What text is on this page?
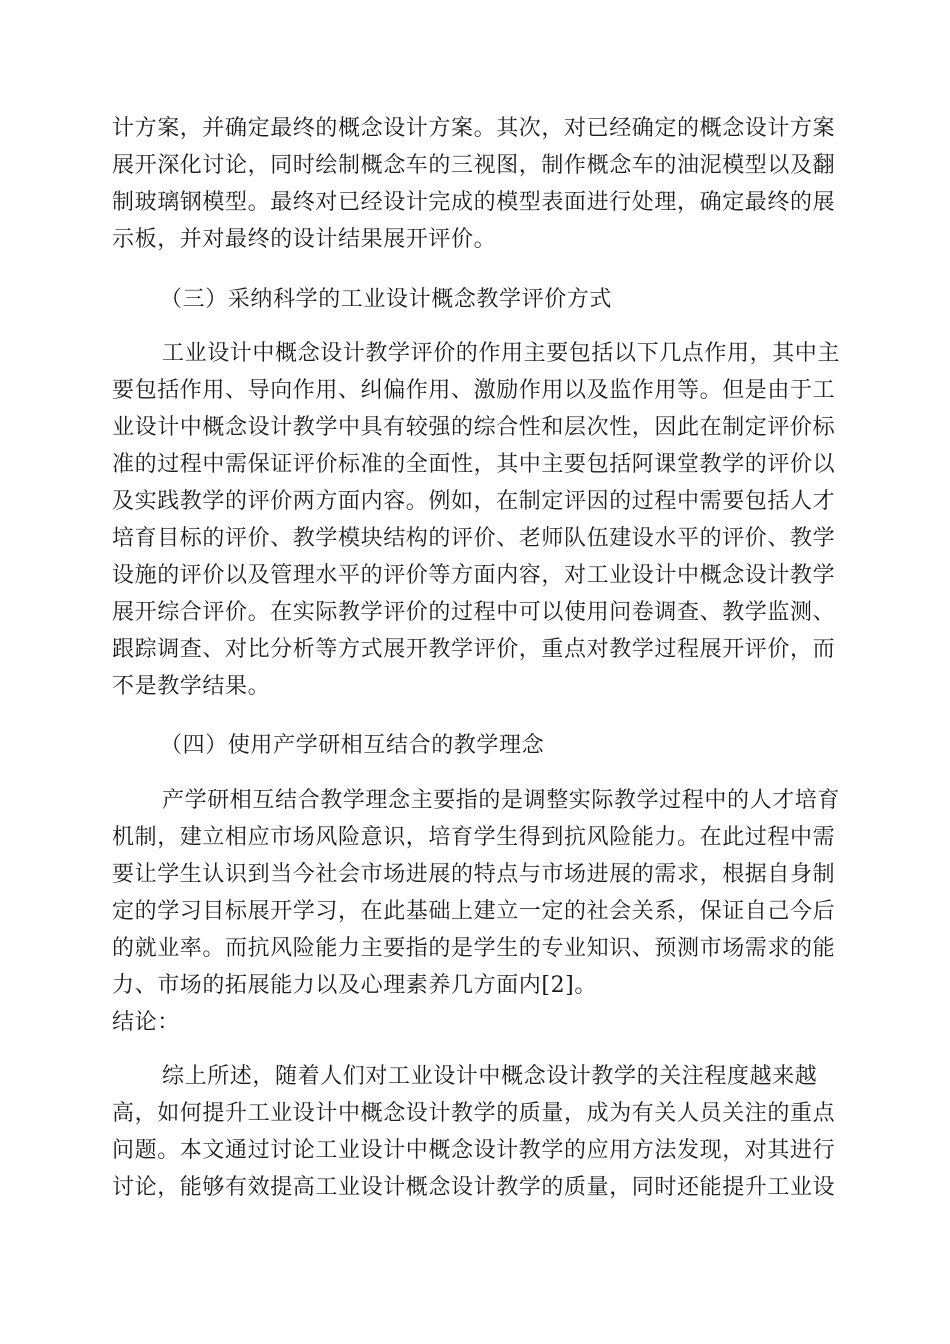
计方案，并确定最终的概念设计方案。其次，对已经确定的概念设计方案
展开深化讨论，同时绘制概念车的三视图，制作概念车的油泥模型以及翻
制玻璃钢模型。最终对已经设计完成的模型表面进行处理，确定最终的展
示板，并对最终的设计结果展开评价。
（三）采纳科学的工业设计概念教学评价方式
工业设计中概念设计教学评价的作用主要包括以下几点作用，其中主
要包括作用、导向作用、纠偏作用、激励作用以及监作用等。但是由于工
业设计中概念设计教学中具有较强的综合性和层次性，因此在制定评价标
准的过程中需保证评价标准的全面性，其中主要包括阿课堂教学的评价以
及实践教学的评价两方面内容。例如，在制定评因的过程中需要包括人才
培育目标的评价、教学模块结构的评价、老师队伍建设水平的评价、教学
设施的评价以及管理水平的评价等方面内容，对工业设计中概念设计教学
展开综合评价。在实际教学评价的过程中可以使用问卷调查、教学监测、
跟踪调查、对比分析等方式展开教学评价，重点对教学过程展开评价，而
不是教学结果。
（四）使用产学研相互结合的教学理念
产学研相互结合教学理念主要指的是调整实际教学过程中的人才培育
机制，建立相应市场风险意识，培育学生得到抗风险能力。在此过程中需
要让学生认识到当今社会市场进展的特点与市场进展的需求，根据自身制
定的学习目标展开学习，在此基础上建立一定的社会关系，保证自己今后
的就业率。而抗风险能力主要指的是学生的专业知识、预测市场需求的能
力、市场的拓展能力以及心理素养几方面内[2]。
结论：
综上所述，随着人们对工业设计中概念设计教学的关注程度越来越
高，如何提升工业设计中概念设计教学的质量，成为有关人员关注的重点
问题。本文通过讨论工业设计中概念设计教学的应用方法发现，对其进行
讨论，能够有效提高工业设计概念设计教学的质量，同时还能提升工业设
